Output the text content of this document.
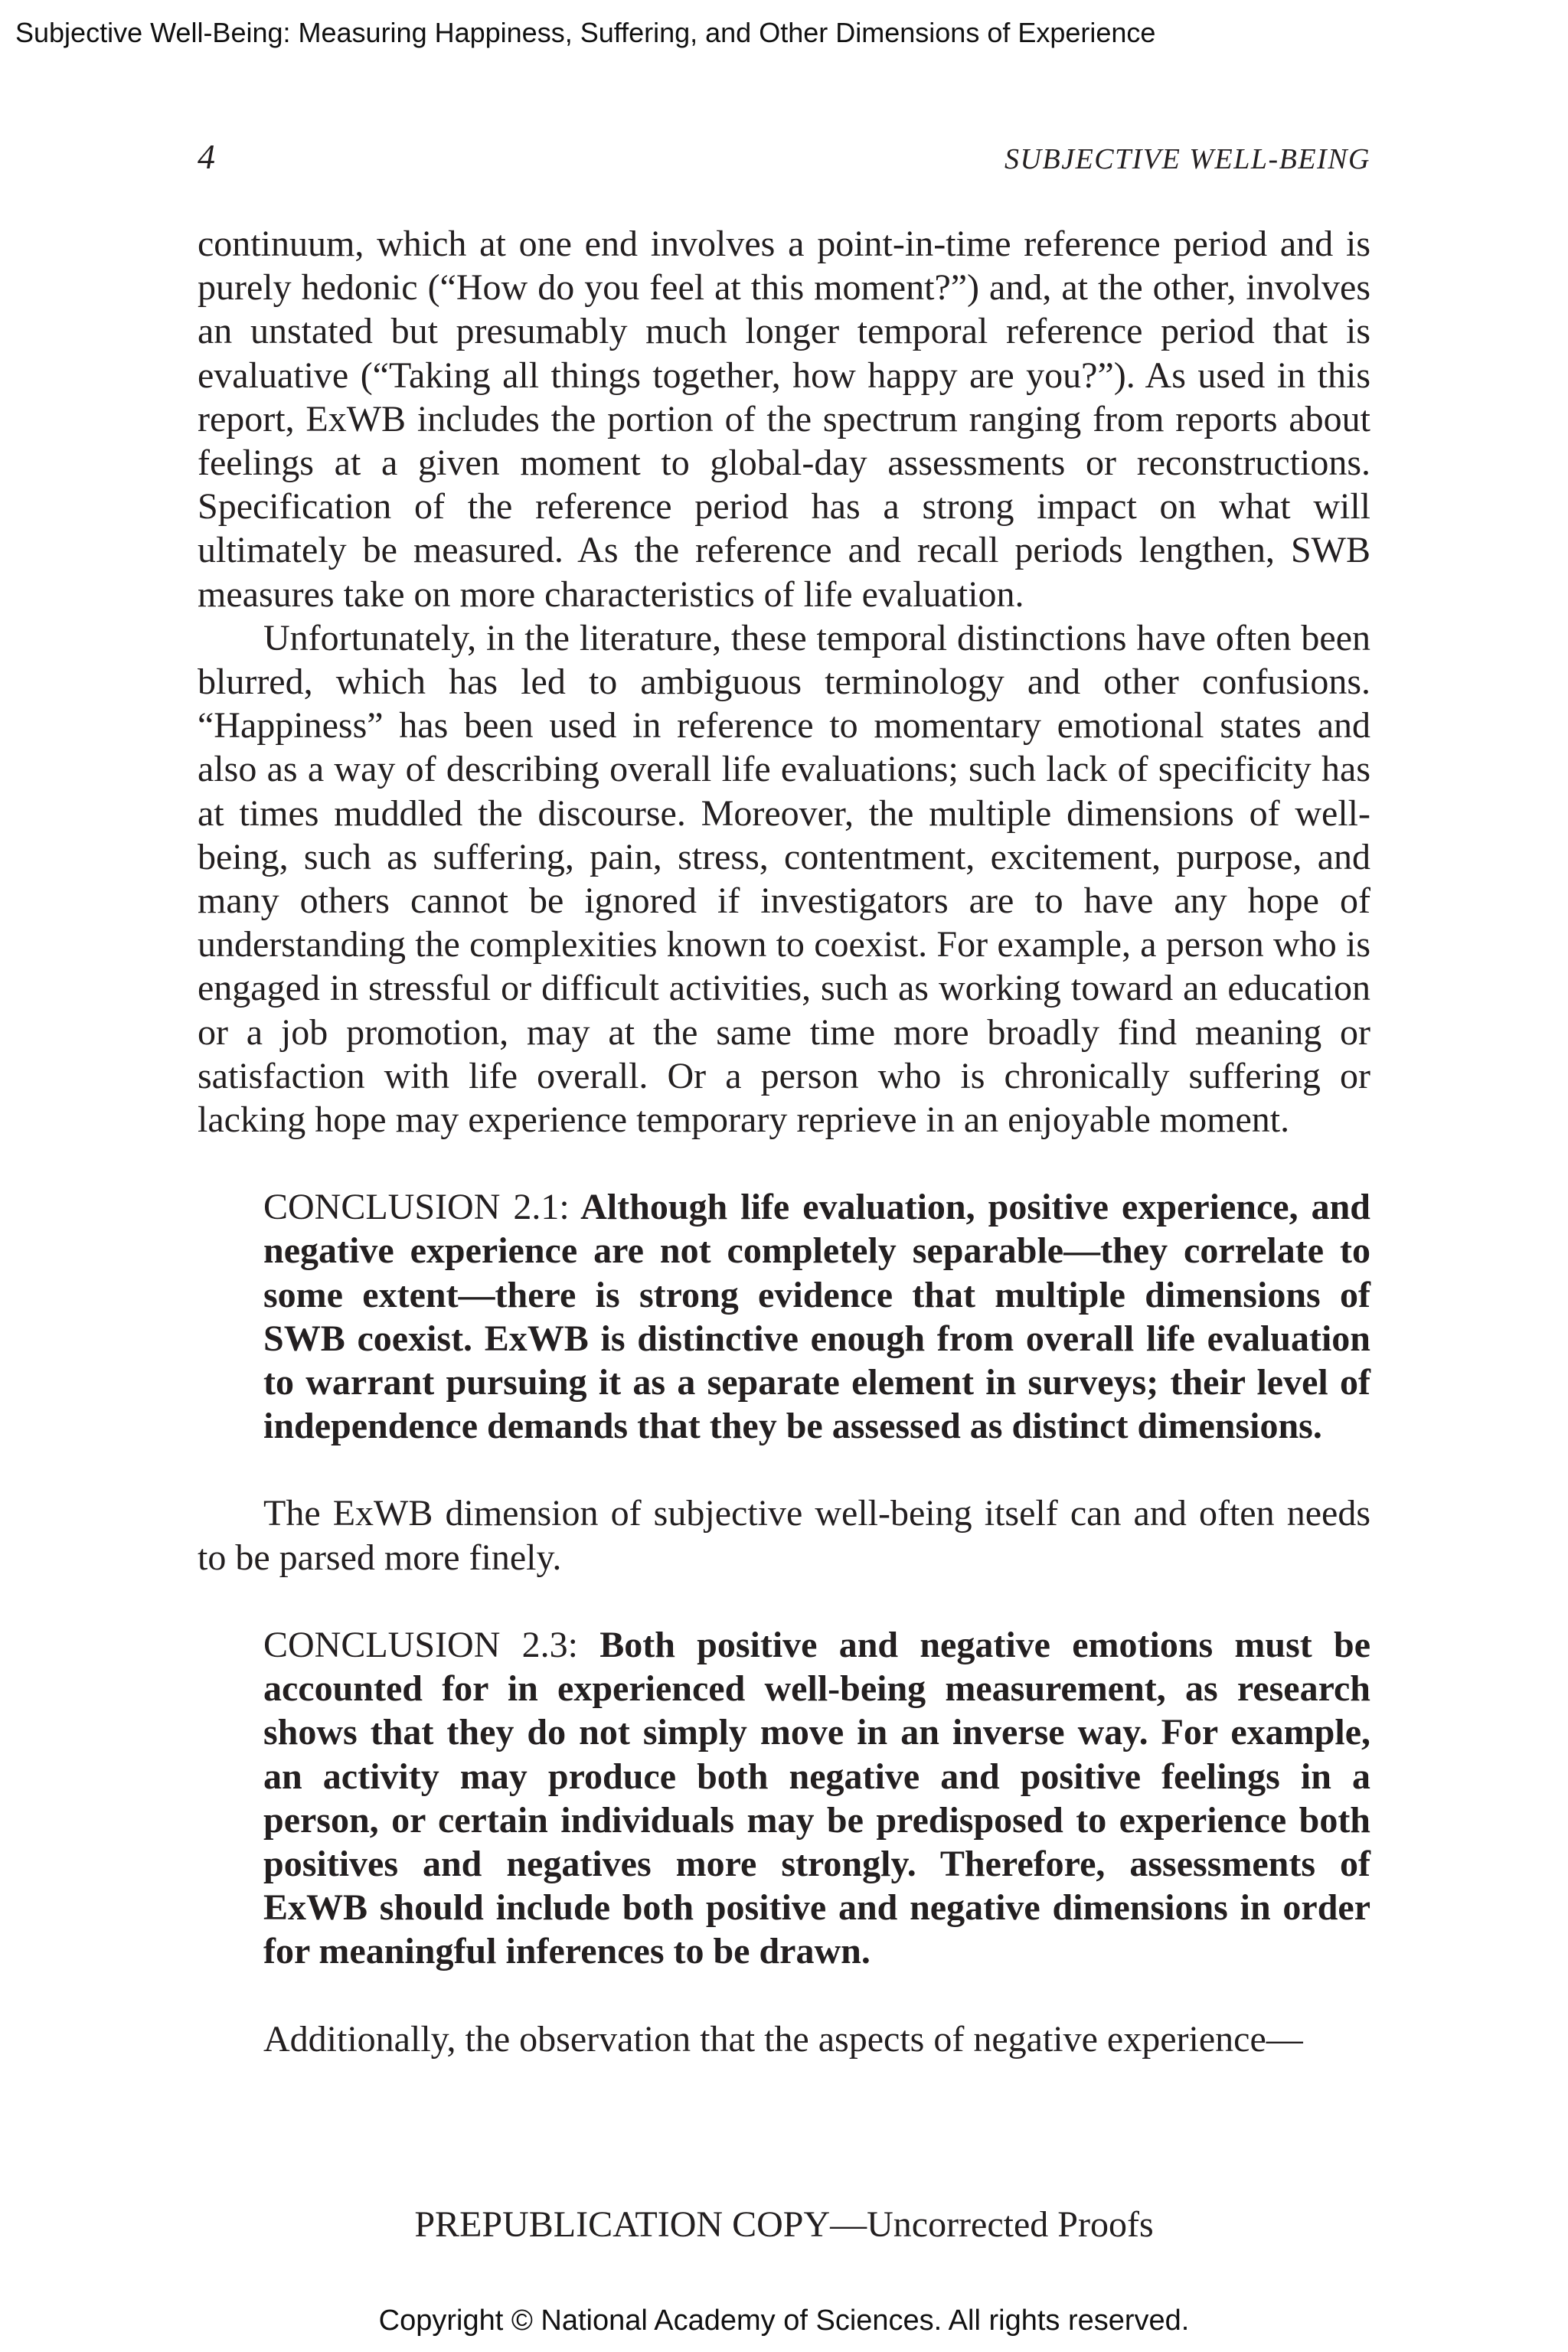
Subjective Well-Being: Measuring Happiness, Suffering, and Other Dimensions of Experience
4	SUBJECTIVE WELL-BEING

continuum, which at one end involves a point-in-time reference period and is purely hedonic (“How do you feel at this moment?”) and, at the other, involves an unstated but presumably much longer temporal reference period that is evaluative (“Taking all things together, how happy are you?”). As used in this report, ExWB includes the portion of the spectrum ranging from reports about feelings at a given moment to global-day assessments or reconstructions. Specification of the reference period has a strong impact on what will ultimately be measured. As the reference and recall periods lengthen, SWB measures take on more characteristics of life evaluation.

Unfortunately, in the literature, these temporal distinctions have often been blurred, which has led to ambiguous terminology and other confusions. “Happiness” has been used in reference to momentary emotional states and also as a way of describing overall life evaluations; such lack of specificity has at times muddled the discourse. Moreover, the multiple dimensions of well-being, such as suffering, pain, stress, contentment, excitement, purpose, and many others cannot be ignored if investigators are to have any hope of understanding the complexities known to coexist. For example, a person who is engaged in stressful or difficult activities, such as working toward an education or a job promotion, may at the same time more broadly find meaning or satisfaction with life overall. Or a person who is chronically suffering or lacking hope may experience temporary reprieve in an enjoyable moment.

CONCLUSION 2.1: Although life evaluation, positive experience, and negative experience are not completely separable—they correlate to some extent—there is strong evidence that multiple dimensions of SWB coexist. ExWB is distinctive enough from overall life evaluation to warrant pursuing it as a separate element in surveys; their level of independence demands that they be assessed as distinct dimensions.

The ExWB dimension of subjective well-being itself can and often needs to be parsed more finely.

CONCLUSION 2.3: Both positive and negative emotions must be accounted for in experienced well-being measurement, as research shows that they do not simply move in an inverse way. For example, an activity may produce both negative and positive feelings in a person, or certain individuals may be predisposed to experience both positives and negatives more strongly. Therefore, assessments of ExWB should include both positive and negative dimensions in order for meaningful inferences to be drawn.

Additionally, the observation that the aspects of negative experience—

PREPUBLICATION COPY—Uncorrected Proofs
Copyright © National Academy of Sciences. All rights reserved.
